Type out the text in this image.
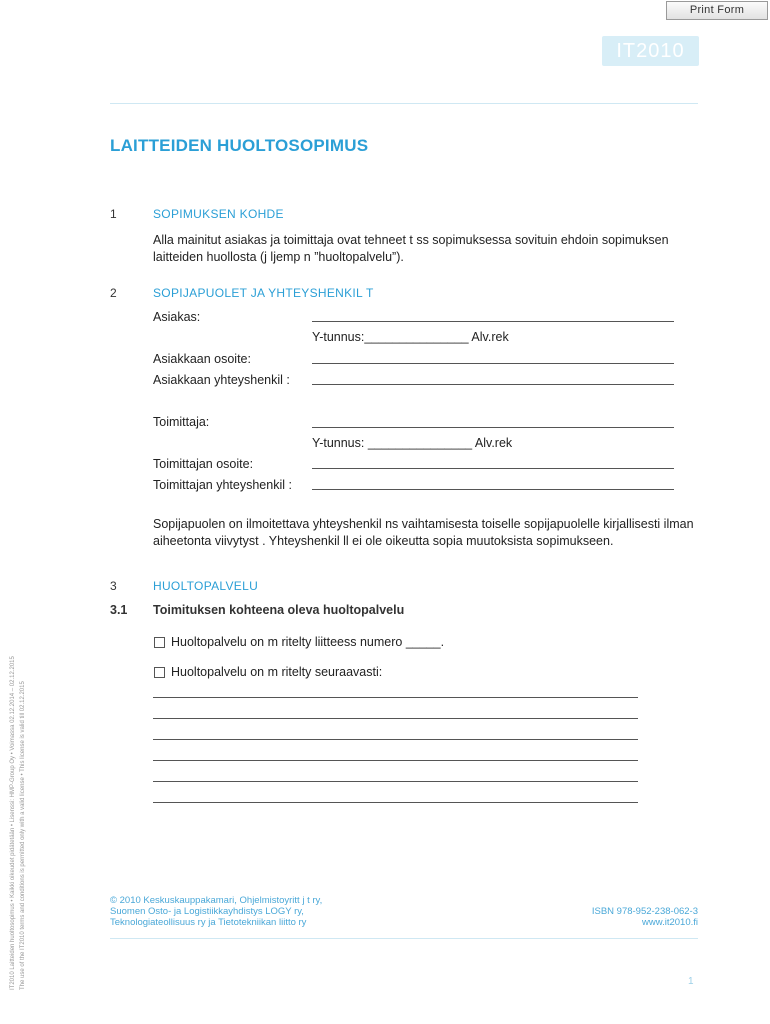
Print Form
IT2010
LAITTEIDEN HUOLTOSOPIMUS
1	SOPIMUKSEN KOHDE
Alla mainitut asiakas ja toimittaja ovat tehneet t ss sopimuksessa sovituin ehdoin sopimuksen
laitteiden huollosta (j ljemp n ”huoltopalvelu”).
2	SOPIJAPUOLET JA YHTEYSHENKIL T
Asiakas:
Y-tunnus:_______________ Alv.rek
Asiakkaan osoite:
Asiakkaan yhteyshenkil :
Toimittaja:
Y-tunnus: _______________ Alv.rek
Toimittajan osoite:
Toimittajan yhteyshenkil :
Sopijapuolen on ilmoitettava yhteyshenkil ns vaihtamisesta toiselle sopijapuolelle kirjallisesti ilman
aiheetonta viivytyst . Yhteyshenkil ll ei ole oikeutta sopia muutoksista sopimukseen.
3	HUOLTOPALVELU
3.1 Toimituksen kohteena oleva huoltopalvelu
Huoltopalvelu on m ritelty liitteess numero _____.
Huoltopalvelu on m ritelty seuraavasti:
IT2010 Laitteiden huoltosopimus • Kaikki oikeudet pidätetään • Lisenssi: HMP-Group Oy • Voimassa 02.12.2014 – 02.12.2015 The use of the IT2010 terms and conditions is permitted only with a valid license • This license is valid till 02.12.2015	© 2010 Keskuskauppakamari, Ohjelmistoyritt j t ry,
Suomen Osto- ja Logistiikkayhdistys LOGY ry,
Teknologiateollisuus ry ja Tietotekniikan liitto ry
ISBN 978-952-238-062-3
www.it2010.fi
1
